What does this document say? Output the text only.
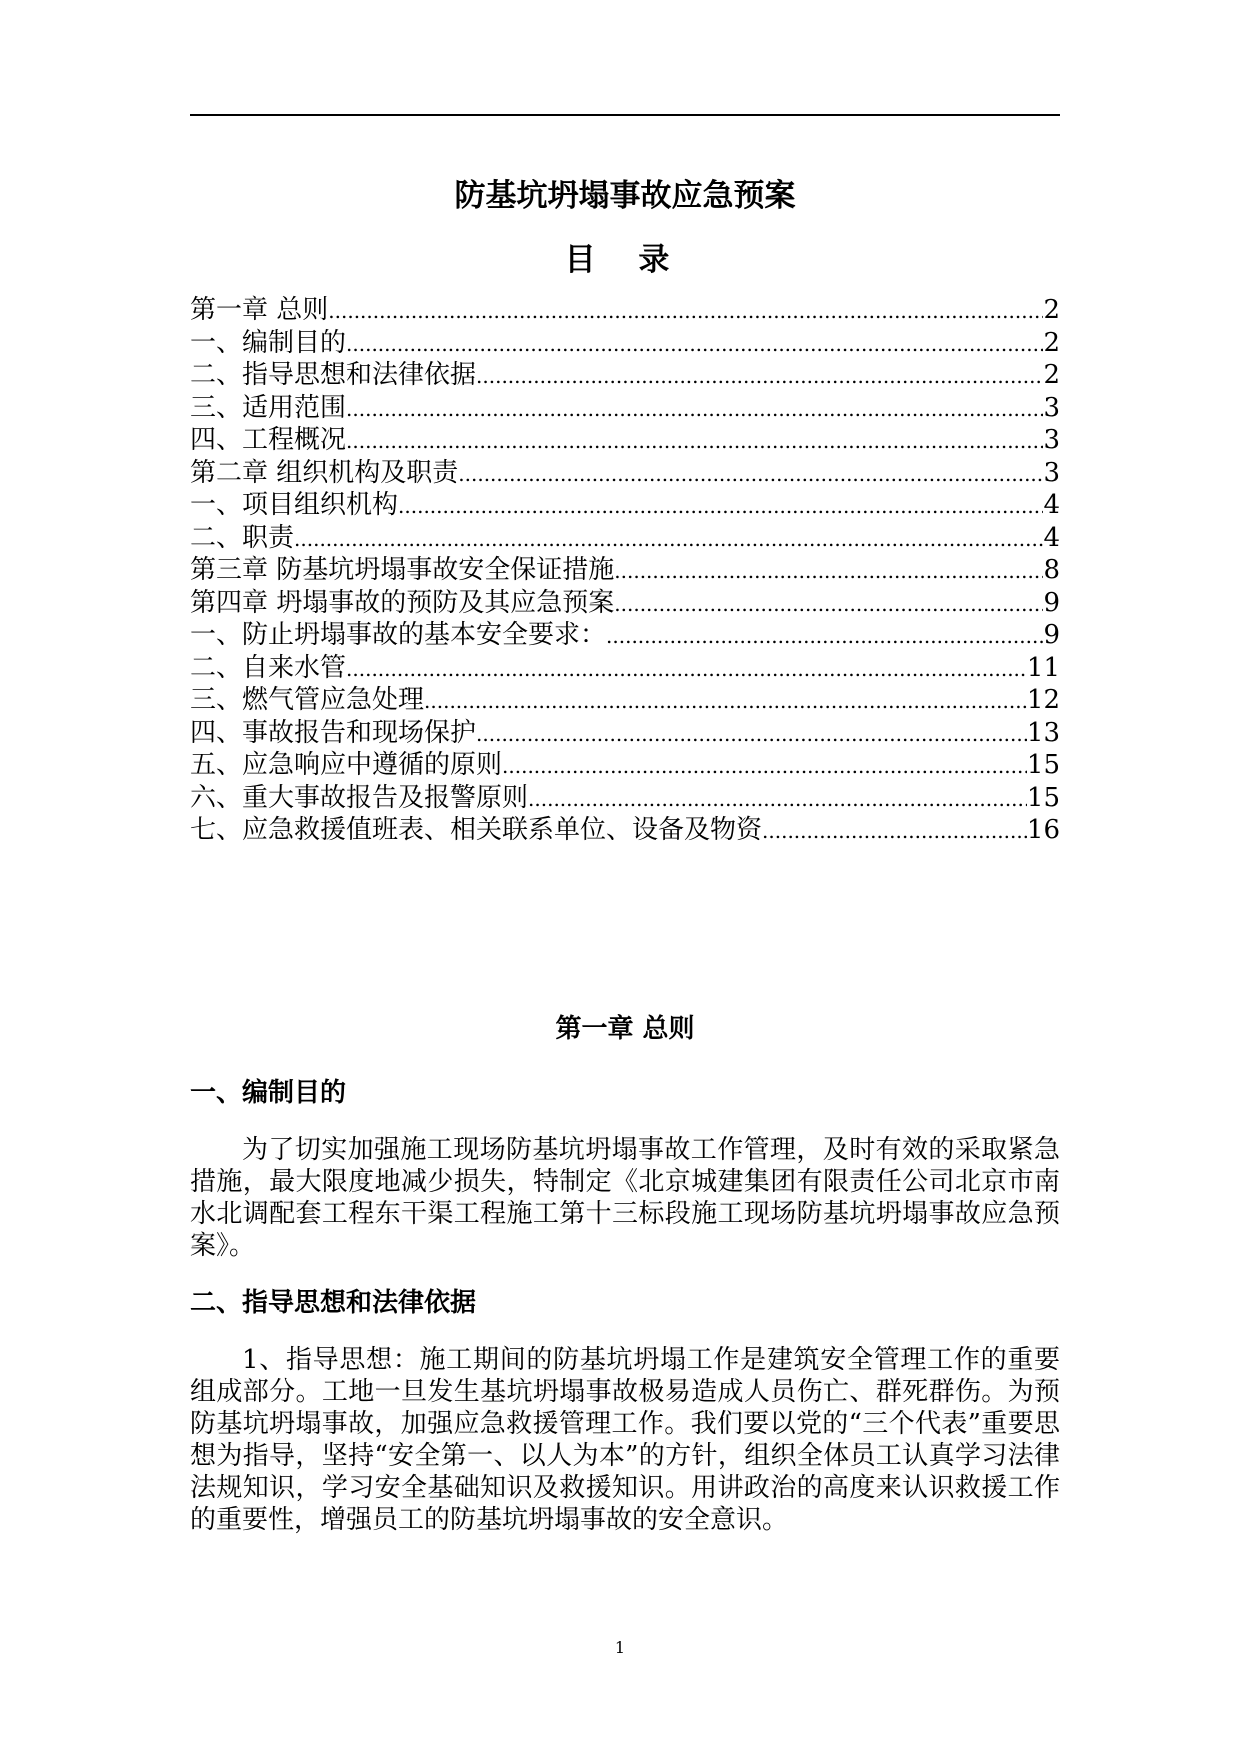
防基坑坍塌事故应急预案
目 录
第一章 总则 .....	2
一、编制目的 .....	2
二、指导思想和法律依据 .....	2
三、适用范围 .....	3
四、工程概况 .....	3
第二章 组织机构及职责 .....	3
一、项目组织机构 .....	4
二、职责 .....	4
第三章 防基坑坍塌事故安全保证措施 .....	8
第四章 坍塌事故的预防及其应急预案 .....	9
一、防止坍塌事故的基本安全要求： .....	9
二、自来水管 .....	11
三、燃气管应急处理 .....	12
四、事故报告和现场保护 .....	13
五、应急响应中遵循的原则 .....	15
六、重大事故报告及报警原则 .....	15
七、应急救援值班表、相关联系单位、设备及物资 .....	16
第一章 总则
一、编制目的

为了切实加强施工现场防基坑坍塌事故工作管理，及时有效的采取紧急措施，最大限度地减少损失，特制定《北京城建集团有限责任公司北京市南水北调配套工程东干渠工程施工第十三标段施工现场防基坑坍塌事故应急预案》。

二、指导思想和法律依据

1、指导思想：施工期间的防基坑坍塌工作是建筑安全管理工作的重要组成部分。工地一旦发生基坑坍塌事故极易造成人员伤亡、群死群伤。为预防基坑坍塌事故，加强应急救援管理工作。我们要以党的“三个代表”重要思想为指导，坚持“安全第一、以人为本”的方针，组织全体员工认真学习法律法规知识，学习安全基础知识及救援知识。用讲政治的高度来认识救援工作的重要性，增强员工的防基坑坍塌事故的安全意识。

1
